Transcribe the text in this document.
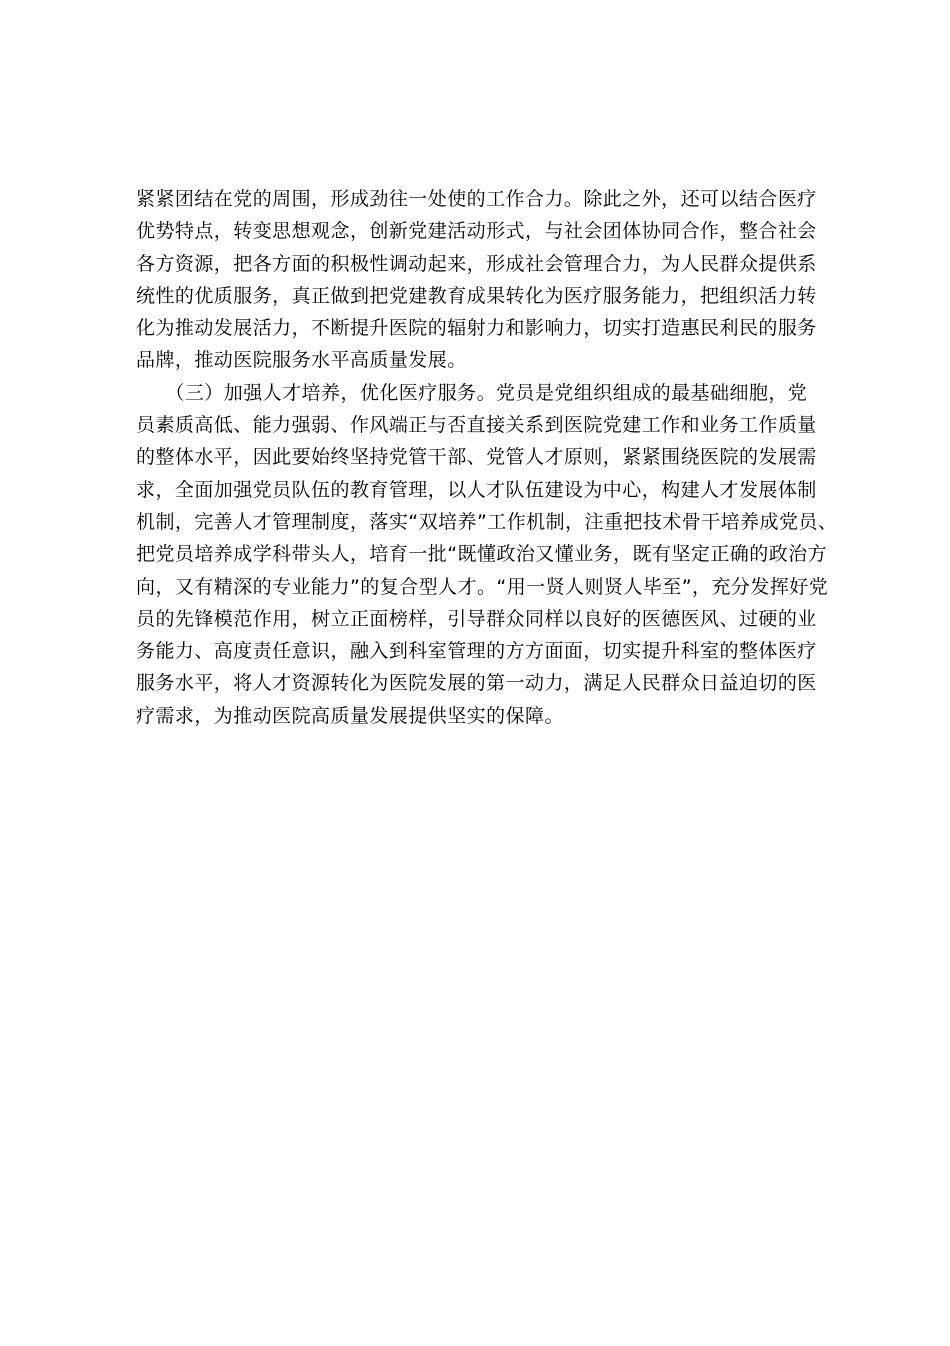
紧紧团结在党的周围，形成劲往一处使的工作合力。除此之外，还可以结合医疗
优势特点，转变思想观念，创新党建活动形式，与社会团体协同合作，整合社会
各方资源，把各方面的积极性调动起来，形成社会管理合力，为人民群众提供系
统性的优质服务，真正做到把党建教育成果转化为医疗服务能力，把组织活力转
化为推动发展活力，不断提升医院的辐射力和影响力，切实打造惠民利民的服务
品牌，推动医院服务水平高质量发展。
　　（三）加强人才培养，优化医疗服务。党员是党组织组成的最基础细胞，党
员素质高低、能力强弱、作风端正与否直接关系到医院党建工作和业务工作质量
的整体水平，因此要始终坚持党管干部、党管人才原则，紧紧围绕医院的发展需
求，全面加强党员队伍的教育管理，以人才队伍建设为中心，构建人才发展体制
机制，完善人才管理制度，落实“双培养”工作机制，注重把技术骨干培养成党员、
把党员培养成学科带头人，培育一批“既懂政治又懂业务，既有坚定正确的政治方
向，又有精深的专业能力”的复合型人才。“用一贤人则贤人毕至”，充分发挥好党
员的先锋模范作用，树立正面榜样，引导群众同样以良好的医德医风、过硬的业
务能力、高度责任意识，融入到科室管理的方方面面，切实提升科室的整体医疗
服务水平，将人才资源转化为医院发展的第一动力，满足人民群众日益迫切的医
疗需求，为推动医院高质量发展提供坚实的保障。
